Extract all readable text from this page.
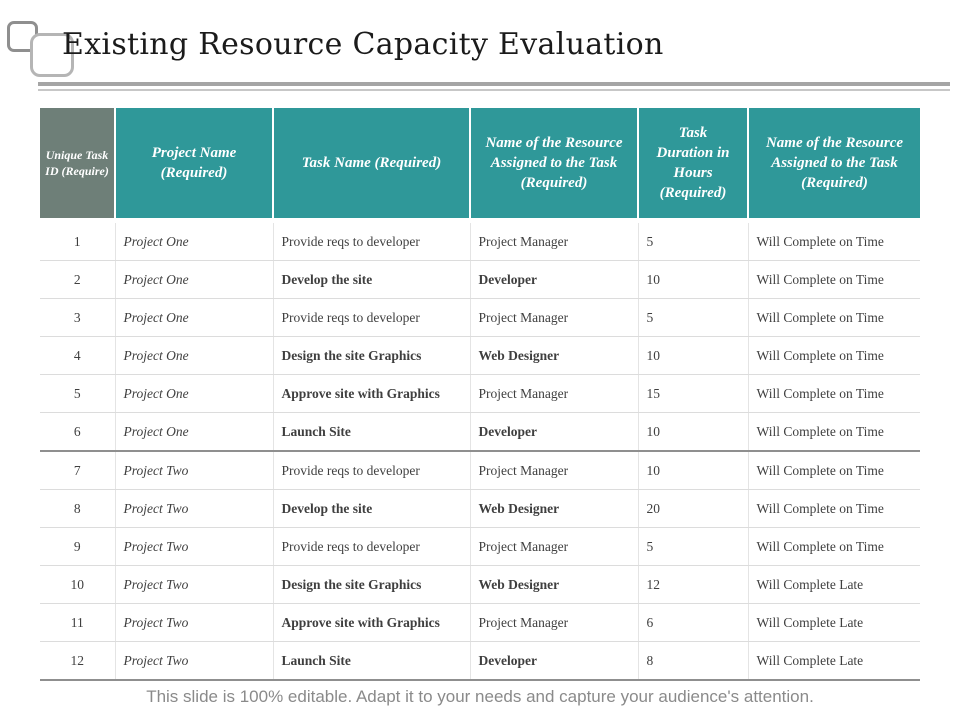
Existing Resource Capacity Evaluation
Unique Task ID (Require)	Project Name (Required)	Task Name (Required)	Name of the Resource Assigned to the Task (Required)	Task Duration in Hours (Required)	Name of the Resource Assigned to the Task (Required)
1	Project One	Provide reqs to developer	Project Manager	5	Will Complete on Time
2	Project One	Develop the site	Developer	10	Will Complete on Time
3	Project One	Provide reqs to developer	Project Manager	5	Will Complete on Time
4	Project One	Design the site Graphics	Web Designer	10	Will Complete on Time
5	Project One	Approve site with Graphics	Project Manager	15	Will Complete on Time
6	Project One	Launch Site	Developer	10	Will Complete on Time
7	Project Two	Provide reqs to developer	Project Manager	10	Will Complete on Time
8	Project Two	Develop the site	Web Designer	20	Will Complete on Time
9	Project Two	Provide reqs to developer	Project Manager	5	Will Complete on Time
10	Project Two	Design the site Graphics	Web Designer	12	Will Complete Late
11	Project Two	Approve site with Graphics	Project Manager	6	Will Complete Late
12	Project Two	Launch Site	Developer	8	Will Complete Late
This slide is 100% editable. Adapt it to your needs and capture your audience's attention.
